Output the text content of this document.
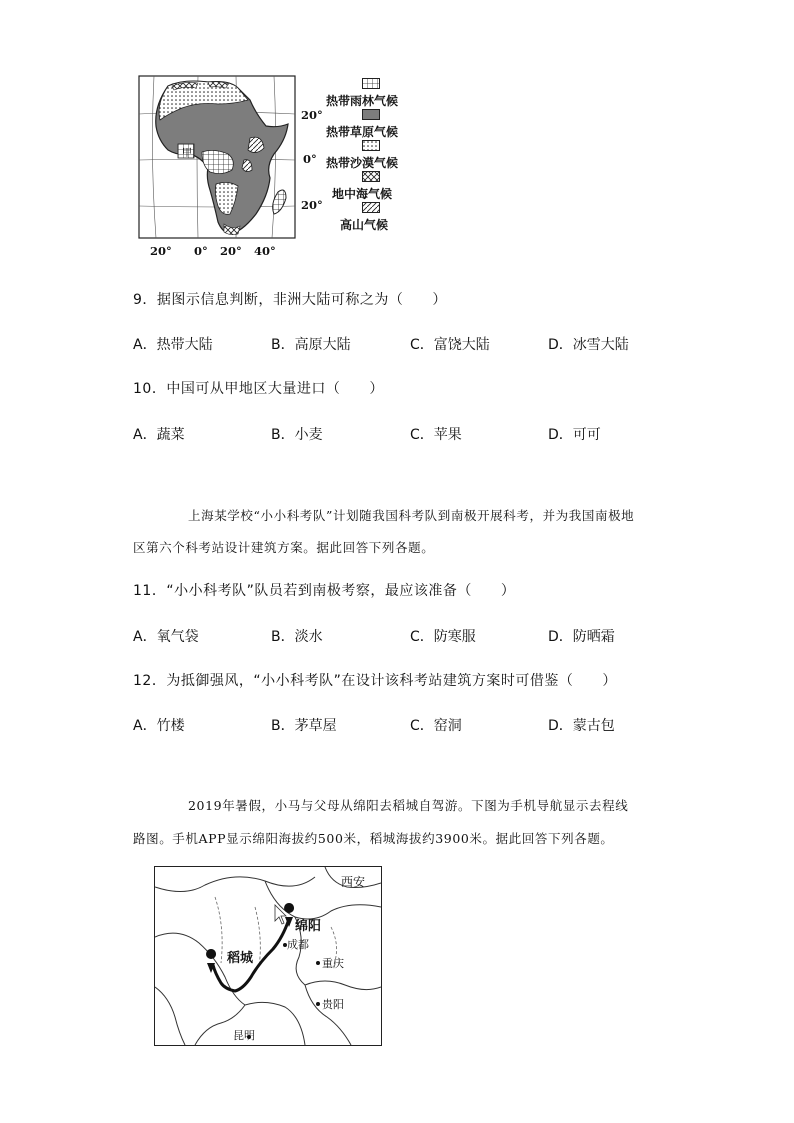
甲
20°
0°
20°
20° 0° 20° 40°
热带雨林气候
热带草原气候
热带沙漠气候
地中海气候
高山气候
9．据图示信息判断，非洲大陆可称之为（　　）
A．热带大陆	B．高原大陆	C．富饶大陆	D．冰雪大陆
10．中国可从甲地区大量进口（　　）
A．蔬菜	B．小麦	C．苹果	D．可可
上海某学校“小小科考队”计划随我国科考队到南极开展科考，并为我国南极地
区第六个科考站设计建筑方案。据此回答下列各题。
11．“小小科考队”队员若到南极考察，最应该准备（　　）
A．氧气袋	B．淡水	C．防寒服	D．防晒霜
12．为抵御强风，“小小科考队”在设计该科考站建筑方案时可借鉴（　　）
A．竹楼	B．茅草屋	C．窑洞	D．蒙古包
2019年暑假，小马与父母从绵阳去稻城自驾游。下图为手机导航显示去程线
路图。手机APP显示绵阳海拔约500米，稻城海拔约3900米。据此回答下列各题。
西安
绵阳
成都
稻城	重庆
贵阳
昆明
